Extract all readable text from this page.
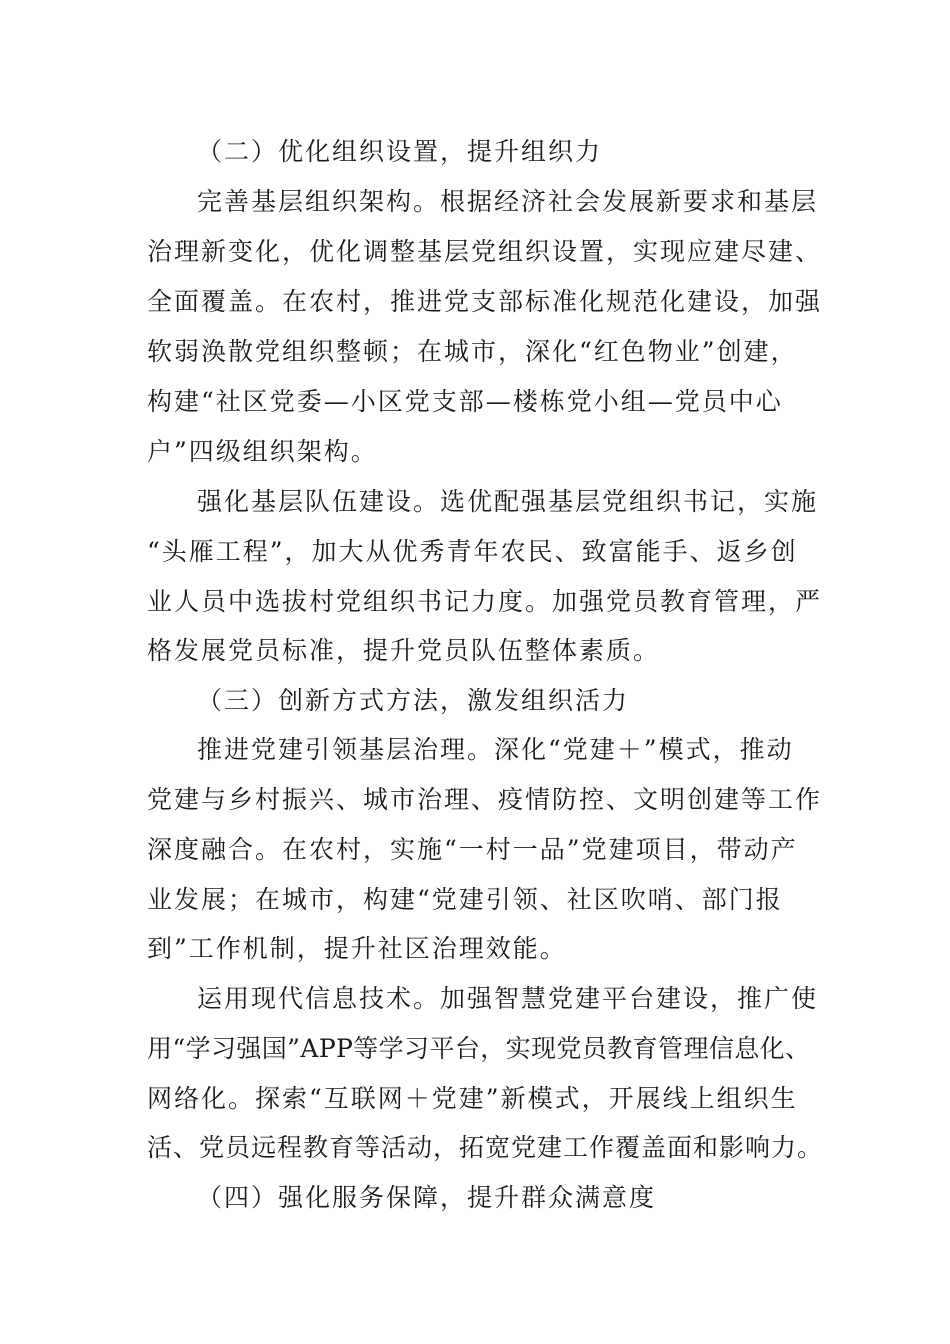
（二）优化组织设置，提升组织力
完善基层组织架构。根据经济社会发展新要求和基层
治理新变化，优化调整基层党组织设置，实现应建尽建、
全面覆盖。在农村，推进党支部标准化规范化建设，加强
软弱涣散党组织整顿；在城市，深化“红色物业”创建，
构建“社区党委—小区党支部—楼栋党小组—党员中心
户”四级组织架构。
强化基层队伍建设。选优配强基层党组织书记，实施
“头雁工程”，加大从优秀青年农民、致富能手、返乡创
业人员中选拔村党组织书记力度。加强党员教育管理，严
格发展党员标准，提升党员队伍整体素质。
（三）创新方式方法，激发组织活力
推进党建引领基层治理。深化“党建＋”模式，推动
党建与乡村振兴、城市治理、疫情防控、文明创建等工作
深度融合。在农村，实施“一村一品”党建项目，带动产
业发展；在城市，构建“党建引领、社区吹哨、部门报
到”工作机制，提升社区治理效能。
运用现代信息技术。加强智慧党建平台建设，推广使
用“学习强国”APP等学习平台，实现党员教育管理信息化、
网络化。探索“互联网＋党建”新模式，开展线上组织生
活、党员远程教育等活动，拓宽党建工作覆盖面和影响力。
（四）强化服务保障，提升群众满意度
